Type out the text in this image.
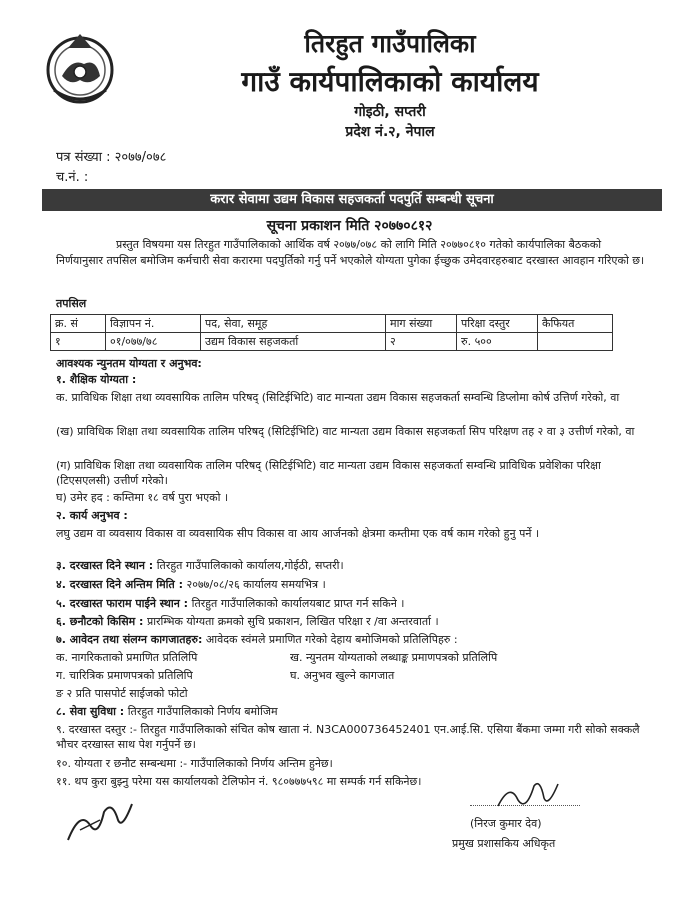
तिरहुत गाउँपालिका
गाउँ कार्यपालिकाको कार्यालय
गोइठी, सप्तरी
प्रदेश नं.२, नेपाल
पत्र संख्या : २०७७/०७८
च.नं. :
करार सेवामा उद्यम विकास सहजकर्ता पदपुर्ति सम्बन्धी सूचना
सूचना प्रकाशन मिति २०७७०८१२
प्रस्तुत विषयमा यस तिरहुत गाउँपालिकाको आर्थिक वर्ष २०७७/०७८ को लागि मिति २०७७०८१० गतेको कार्यपालिका बैठकको निर्णयानुसार तपसिल बमोजिम कर्मचारी सेवा करारमा पदपुर्तिको गर्नु पर्ने भएकोले योग्यता पुगेका ईच्छुक उमेदवारहरुबाट दरखास्त आवहान गरिएको छ।
तपसिल
क्र. सं	विज्ञापन नं.	पद, सेवा, समूह	माग संख्या	परिक्षा दस्तुर	कैफियत
१	०१/०७७/७८	उद्यम विकास सहजकर्ता	२	रु. ५००	
आवश्यक न्युनतम योग्यता र अनुभव:
१. शैक्षिक योग्यता :
क. प्राविधिक शिक्षा तथा व्यवसायिक तालिम परिषद् (सिटिईभिटि) वाट मान्यता उद्यम विकास सहजकर्ता सम्वन्धि डिप्लोमा कोर्ष उत्तिर्ण गरेको, वा
(ख) प्राविधिक शिक्षा तथा व्यवसायिक तालिम परिषद् (सिटिईभिटि) वाट मान्यता उद्यम विकास सहजकर्ता सिप परिक्षण तह २ वा ३ उत्तीर्ण गरेको, वा
(ग) प्राविधिक शिक्षा तथा व्यवसायिक तालिम परिषद् (सिटिईभिटि) वाट मान्यता उद्यम विकास सहजकर्ता सम्वन्धि प्राविधिक प्रवेशिका परिक्षा (टिएसएलसी) उत्तीर्ण गरेको।
घ) उमेर हद : कम्तिमा १८ वर्ष पुरा भएको ।
२. कार्य अनुभव :
लघु उद्यम वा व्यवसाय विकास वा व्यवसायिक सीप विकास वा आय आर्जनको क्षेत्रमा कम्तीमा एक वर्ष काम गरेको हुनु पर्ने ।
३. दरखास्त दिने स्थान : तिरहुत गाउँपालिकाको कार्यालय,गोईठी, सप्तरी।
४. दरखास्त दिने अन्तिम मिति : २०७७/०८/२६ कार्यालय समयभित्र ।
५. दरखास्त फाराम पाईने स्थान : तिरहुत गाउँपालिकाको कार्यालयबाट प्राप्त गर्न सकिने ।
६. छनौटको किसिम : प्रारम्भिक योग्यता क्रमको सुचि प्रकाशन, लिखित परिक्षा र /वा अन्तरवार्ता ।
७. आवेदन तथा संलग्न कागजातहरु: आवेदक स्वंमले प्रमाणित गरेको देहाय बमोजिमको प्रतिलिपिहरु :
क. नागरिकताको प्रमाणित प्रतिलिपि	ख. न्युनतम योग्यताको लब्धाङ्क प्रमाणपत्रको प्रतिलिपि
ग. चारित्रिक प्रमाणपत्रको प्रतिलिपि	घ. अनुभव खुल्ने कागजात
ङ २ प्रति पासपोर्ट साईजको फोटो
८. सेवा सुविधा : तिरहुत गाउँपालिकाको निर्णय बमोजिम
९. दरखास्त दस्तुर :- तिरहुत गाउँपालिकाको संचित कोष खाता नं. N3CA000736452401 एन.आई.सि. एसिया बैंकमा जम्मा गरी सोको सक्कलै भौचर दरखास्त साथ पेश गर्नुपर्ने छ।
१०. योग्यता र छनौट सम्बन्धमा :- गाउँपालिकाको निर्णय अन्तिम हुनेछ।
११. थप कुरा बुझ्नु परेमा यस कार्यालयको टेलिफोन नं. ९८०७७७५९८ मा सम्पर्क गर्न सकिनेछ।
(निरज कुमार देव)
प्रमुख प्रशासकिय अधिकृत
